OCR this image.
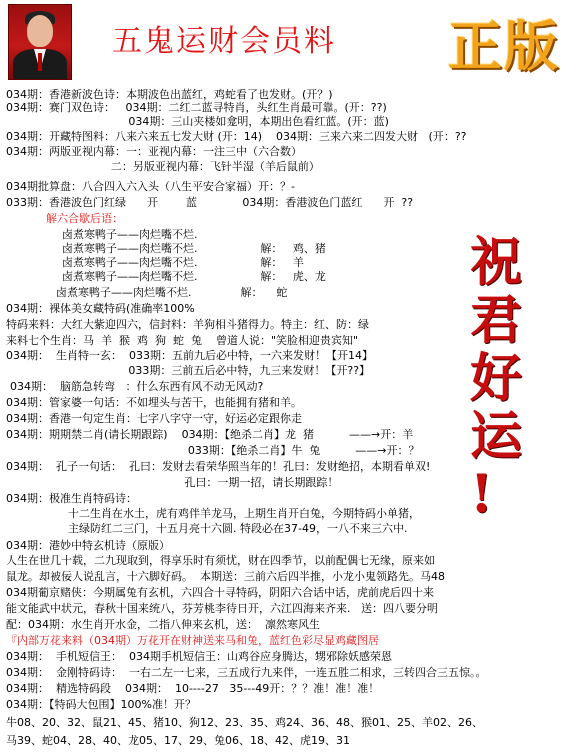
五鬼运财会员料 正版
034期：香港新波色诗：本期波色出蓝红，鸡蛇看了也发财。(开？)
034期：赛门双色诗：   034期：二红二蓝寻特肖，头红生肖最可靠。(开：??)
034期：三山夹楼如龛明，本期出色看红蓝。(开：蓝)
034期：开藏特图料：八来六来五七发大财 (开：14)    034期：三来六来二四发大财   (开：??
034期：两版亚视内幕：一：亚视内幕：一注三中（六合数）
二：另版亚视内幕：飞针半湿（羊后鼠前）
034期批算盘：八合四入六入头（八生平安合家福）开：？-
033期：香港波色门红绿      开        蓝             034期：香港波色门蓝红      开  ??
解六合歇后语：
卤煮寒鸭子——肉烂嘴不烂.
卤煮寒鸭子——肉烂嘴不烂.                  解：   鸡、猪
卤煮寒鸭子——肉烂嘴不烂.                  解：   羊
卤煮寒鸭子——肉烂嘴不烂.                  解：   虎、龙
卤煮寒鸭子——肉烂嘴不烂.              解：    蛇
034期：裸体美女藏特码(准确率100%
特码来料：大红大紫迎四六，信封料：羊狗相斗猪得力。特主：红、防：绿
来料七个生肖：马  羊  猴  鸡  狗  蛇  兔    曾道人说："笑脸相迎贵宾知"
034期：  生肖特一玄：  033期：五前九后必中特，一六来发财！【开14】
033期：三前五后必中特，九三来发财！【开??】
034期：  脑筋急转弯   ：什么东西有风不动无风动?
034期：管家婆一句话：不如埋头与苦干，也能拥有猪和羊。
034期：香港一句定生肖：七字八字守一守，好运必定跟你走
034期：期期禁二肖(请长期跟踪)    034期：【绝杀二肖】龙  猪          ——→开：羊
033期：【绝杀二肖】牛  兔          ——→开：？
034期：  孔子一句话：  孔曰：发财去看荣华照当年的！孔曰：发财绝招，本期看单双!
孔曰：一期一招，请长期跟踪！
034期：极准生肖特码诗：
十二生肖在水土，虎有鸡伴羊龙马，上期生肖开白兔，今期特码小单猪，
主绿防红二三门，十五月亮十六圆. 特段必在37-49，一八不来三六中.
034期：港妙中特玄机诗（原版）
人生在世几十载，二九现取到，得享乐时有须忧，财在四季节，以前配偶七无缘，原来如
鼠龙。却被佞人说乱言，十六脚好码。  本期送：三前六后四半推，小龙小鬼领路先。马48
034期葡京赌侠：今期属兔有玄机，六四合十寻特码，阴阳六合话中话，虎前虎后四十来
能文能武中状元，春秋十国来统八，芬芳桃李待日开，六江四海来齐来.   送：四八要分明
配：034期：水生肖开水金，二指八伸来玄机，送：  凛然寒风生
『内部万花来料（034期）万花开在财神送来马和兔，蓝红色彩尽显鸡藏图居
034期：  手机短信王：  034期手机短信王：山鸡谷应身腾达，甥邪除妖感荣恩
034期：  金刚特码诗：  一右二左一七来，三五成行九来伴，一连五胜二相求，三转四合三五惊。。
034期：  精选特码段    034期：  10----27   35---49开：？？准！准！准！
034期：【特码大包围】100%准！开？
牛08、20、32、鼠21、45、猪10、狗12、23、35、鸡24、36、48、猴01、25、羊02、26、
马39、蛇04、28、40、龙05、17、29、兔06、18、42、虎19、31
祝
君
好
运
!
